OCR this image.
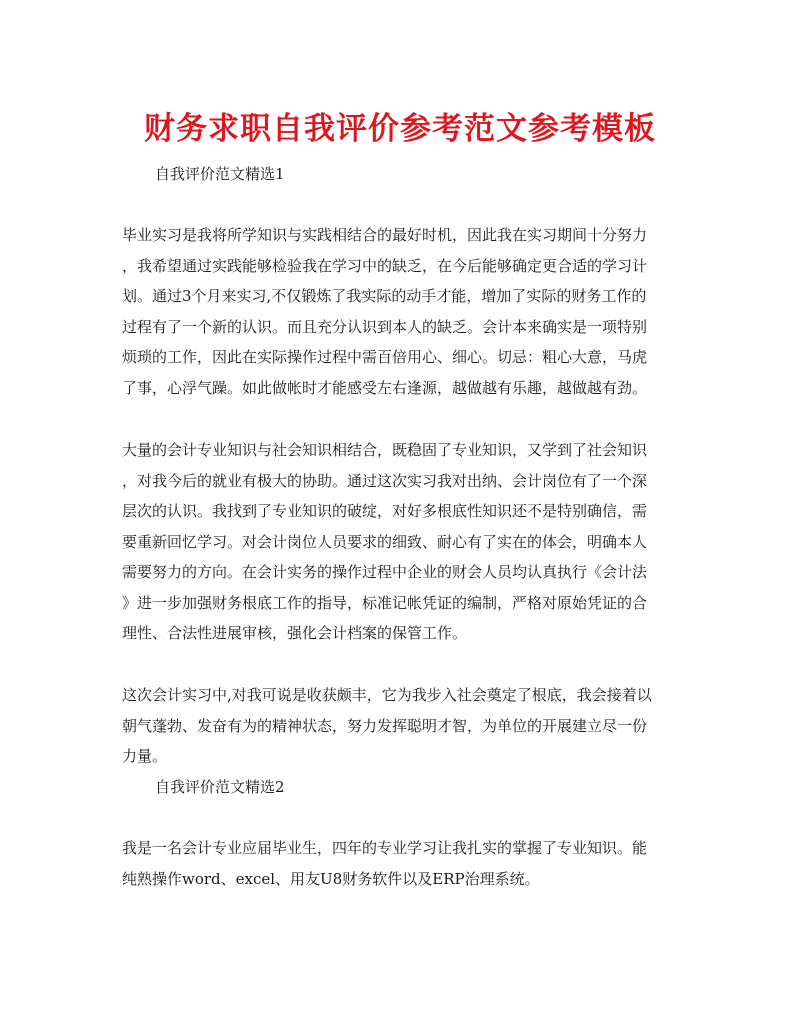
财务求职自我评价参考范文参考模板
自我评价范文精选1

毕业实习是我将所学知识与实践相结合的最好时机，因此我在实习期间十分努力
，我希望通过实践能够检验我在学习中的缺乏，在今后能够确定更合适的学习计
划。通过3个月来实习,不仅锻炼了我实际的动手才能，增加了实际的财务工作的
过程有了一个新的认识。而且充分认识到本人的缺乏。会计本来确实是一项特别
烦琐的工作，因此在实际操作过程中需百倍用心、细心。切忌：粗心大意，马虎
了事，心浮气躁。如此做帐时才能感受左右逢源，越做越有乐趣，越做越有劲。

大量的会计专业知识与社会知识相结合，既稳固了专业知识，又学到了社会知识
，对我今后的就业有极大的协助。通过这次实习我对出纳、会计岗位有了一个深
层次的认识。我找到了专业知识的破绽，对好多根底性知识还不是特别确信，需
要重新回忆学习。对会计岗位人员要求的细致、耐心有了实在的体会，明确本人
需要努力的方向。在会计实务的操作过程中企业的财会人员均认真执行《会计法
》进一步加强财务根底工作的指导，标准记帐凭证的编制，严格对原始凭证的合
理性、合法性进展审核，强化会计档案的保管工作。

这次会计实习中,对我可说是收获颇丰，它为我步入社会奠定了根底，我会接着以
朝气蓬勃、发奋有为的精神状态，努力发挥聪明才智，为单位的开展建立尽一份
力量。

自我评价范文精选2

我是一名会计专业应届毕业生，四年的专业学习让我扎实的掌握了专业知识。能
纯熟操作word、excel、用友U8财务软件以及ERP治理系统。
